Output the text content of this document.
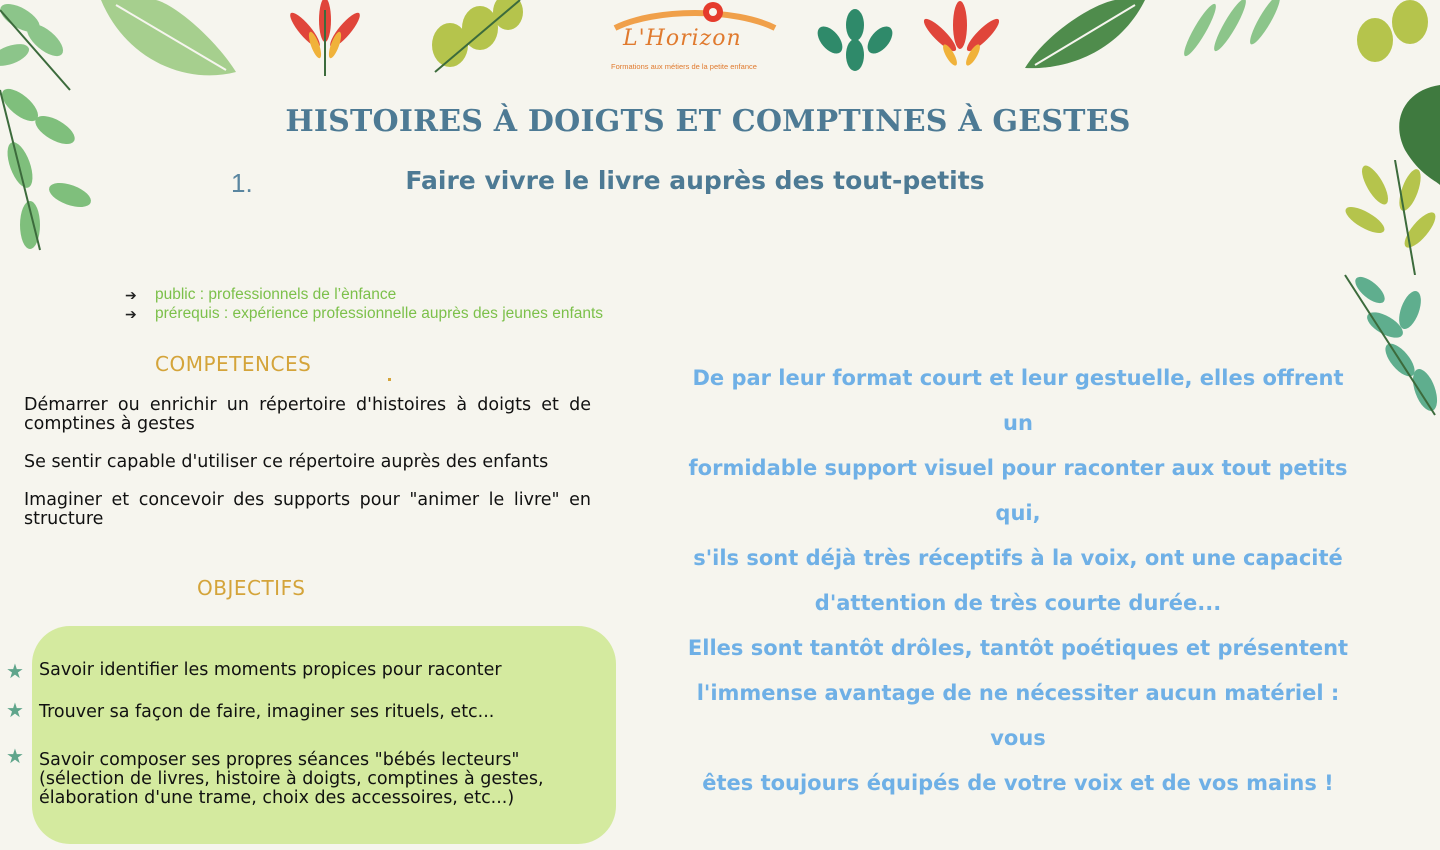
L'Horizon
Formations aux métiers de la petite enfance
HISTOIRES À DOIGTS ET COMPTINES À GESTES
1.	Faire vivre le livre auprès des tout-petits
➔	public : professionnels de l’ènfance
➔	prérequis : expérience professionnelle auprès des jeunes enfants
COMPETENCES
Démarrer ou enrichir un répertoire d'histoires à doigts et de comptines à gestes
Se sentir capable d'utiliser ce répertoire auprès des enfants
Imaginer et concevoir des supports pour "animer le livre" en structure
OBJECTIFS
★ Savoir identifier les moments propices pour raconter
★ Trouver sa façon de faire, imaginer ses rituels, etc...
★ Savoir composer ses propres séances "bébés lecteurs" (sélection de livres, histoire à doigts, comptines à gestes, élaboration d'une trame, choix des accessoires, etc...)
De par leur format court et leur gestuelle, elles offrent un
formidable support visuel pour raconter aux tout petits qui,
s'ils sont déjà très réceptifs à la voix, ont une capacité
d'attention de très courte durée...
Elles sont tantôt drôles, tantôt poétiques et présentent
l'immense avantage de ne nécessiter aucun matériel : vous
êtes toujours équipés de votre voix et de vos mains !
